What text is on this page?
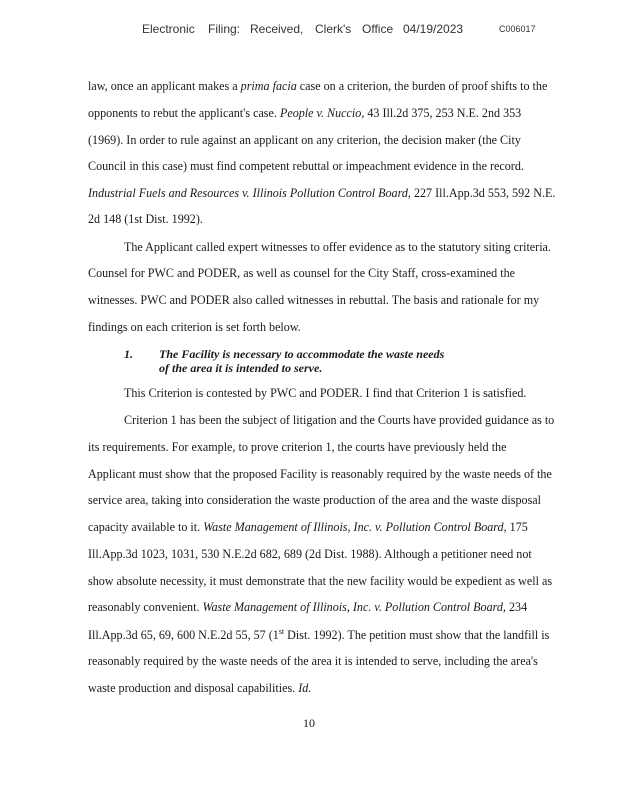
Electronic Filing: Received, Clerk's Office 04/19/2023	C006017
law, once an applicant makes a prima facia case on a criterion, the burden of proof shifts to the
opponents to rebut the applicant's case. People v. Nuccio, 43 Ill.2d 375, 253 N.E. 2nd 353
(1969). In order to rule against an applicant on any criterion, the decision maker (the City
Council in this case) must find competent rebuttal or impeachment evidence in the record.
Industrial Fuels and Resources v. Illinois Pollution Control Board, 227 Ill.App.3d 553, 592 N.E.
2d 148 (1st Dist. 1992).
The Applicant called expert witnesses to offer evidence as to the statutory siting criteria.
Counsel for PWC and PODER, as well as counsel for the City Staff, cross-examined the
witnesses. PWC and PODER also called witnesses in rebuttal. The basis and rationale for my
findings on each criterion is set forth below.
1. The Facility is necessary to accommodate the waste needs
of the area it is intended to serve.
This Criterion is contested by PWC and PODER. I find that Criterion 1 is satisfied.
Criterion 1 has been the subject of litigation and the Courts have provided guidance as to
its requirements. For example, to prove criterion 1, the courts have previously held the
Applicant must show that the proposed Facility is reasonably required by the waste needs of the
service area, taking into consideration the waste production of the area and the waste disposal
capacity available to it. Waste Management of Illinois, Inc. v. Pollution Control Board, 175
Ill.App.3d 1023, 1031, 530 N.E.2d 682, 689 (2d Dist. 1988). Although a petitioner need not
show absolute necessity, it must demonstrate that the new facility would be expedient as well as
reasonably convenient. Waste Management of Illinois, Inc. v. Pollution Control Board, 234
Ill.App.3d 65, 69, 600 N.E.2d 55, 57 (1st Dist. 1992). The petition must show that the landfill is
reasonably required by the waste needs of the area it is intended to serve, including the area's
waste production and disposal capabilities. Id.
10
